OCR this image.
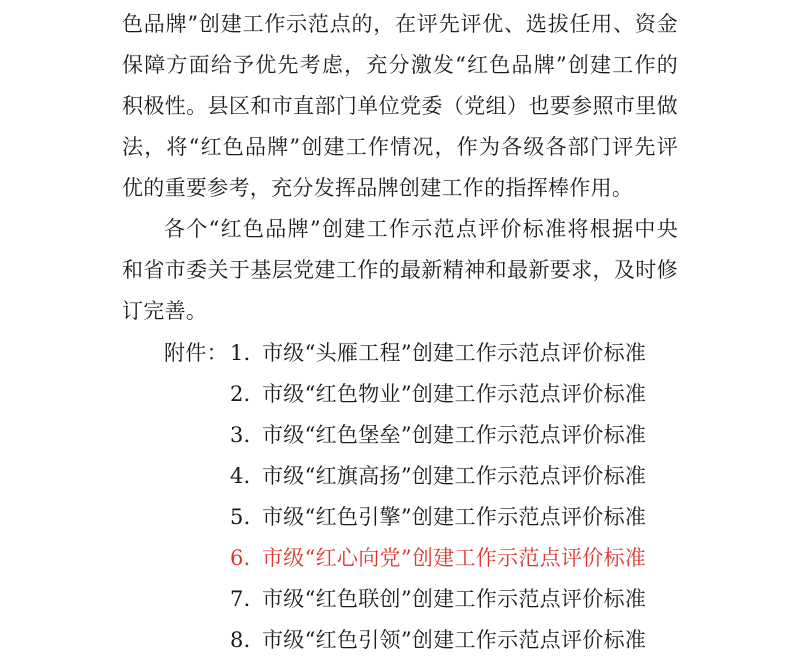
色品牌”创建工作示范点的，在评先评优、选拔任用、资金
保障方面给予优先考虑，充分激发“红色品牌”创建工作的
积极性。县区和市直部门单位党委（党组）也要参照市里做
法，将“红色品牌”创建工作情况，作为各级各部门评先评
优的重要参考，充分发挥品牌创建工作的指挥棒作用。
各个“红色品牌”创建工作示范点评价标准将根据中央
和省市委关于基层党建工作的最新精神和最新要求，及时修
订完善。
附件： 1．
市级“头雁工程”创建工作示范点评价标准
2．
市级“红色物业”创建工作示范点评价标准
3．
市级“红色堡垒”创建工作示范点评价标准
4．
市级“红旗高扬”创建工作示范点评价标准
5．
市级“红色引擎”创建工作示范点评价标准
6．
市级“红心向党”创建工作示范点评价标准
7．
市级“红色联创”创建工作示范点评价标准
8．
市级“红色引领”创建工作示范点评价标准
